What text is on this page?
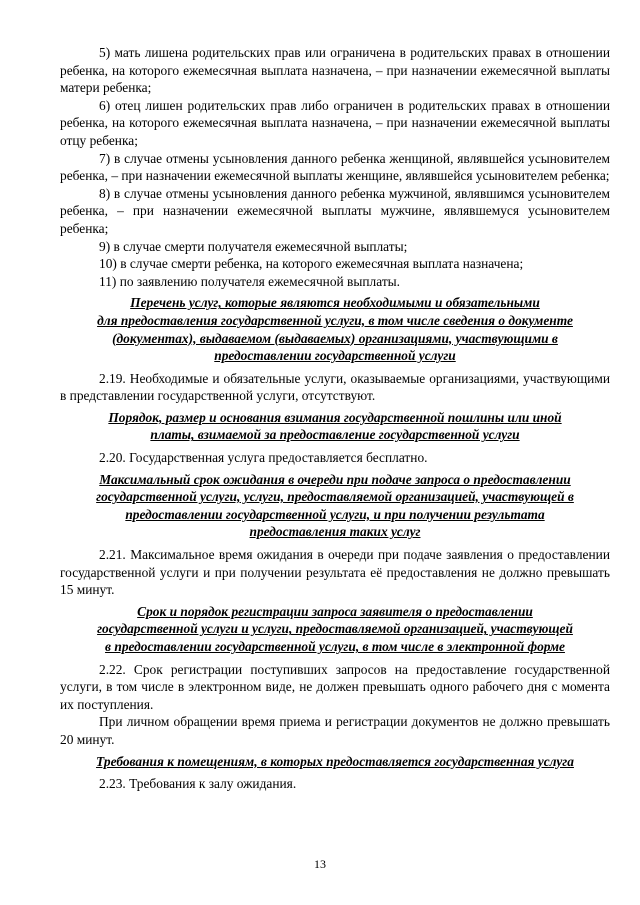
5) мать лишена родительских прав или ограничена в родительских правах в отношении ребенка, на которого ежемесячная выплата назначена, – при назначении ежемесячной выплаты матери ребенка;

6) отец лишен родительских прав либо ограничен в родительских правах в отношении ребенка, на которого ежемесячная выплата назначена, – при назначении ежемесячной выплаты отцу ребенка;

7) в случае отмены усыновления данного ребенка женщиной, являвшейся усыновителем ребенка, – при назначении ежемесячной выплаты женщине, являвшейся усыновителем ребенка;

8) в случае отмены усыновления данного ребенка мужчиной, являвшимся усыновителем ребенка, – при назначении ежемесячной выплаты мужчине, являвшемуся усыновителем ребенка;

9) в случае смерти получателя ежемесячной выплаты;

10) в случае смерти ребенка, на которого ежемесячная выплата назначена;

11) по заявлению получателя ежемесячной выплаты.

Перечень услуг, которые являются необходимыми и обязательными
для предоставления государственной услуги, в том числе сведения о документе
(документах), выдаваемом (выдаваемых) организациями, участвующими в
предоставлении государственной услуги

2.19. Необходимые и обязательные услуги, оказываемые организациями, участвующими в представлении государственной услуги, отсутствуют.

Порядок, размер и основания взимания государственной пошлины или иной
платы, взимаемой за предоставление государственной услуги

2.20. Государственная услуга предоставляется бесплатно.

Максимальный срок ожидания в очереди при подаче запроса о предоставлении
государственной услуги, услуги, предоставляемой организацией, участвующей в
предоставлении государственной услуги, и при получении результата
предоставления таких услуг

2.21. Максимальное время ожидания в очереди при подаче заявления о предоставлении государственной услуги и при получении результата её предоставления не должно превышать 15 минут.

Срок и порядок регистрации запроса заявителя о предоставлении
государственной услуги и услуги, предоставляемой организацией, участвующей
в предоставлении государственной услуги, в том числе в электронной форме

2.22. Срок регистрации поступивших запросов на предоставление государственной услуги, в том числе в электронном виде, не должен превышать одного рабочего дня с момента их поступления.

При личном обращении время приема и регистрации документов не должно превышать 20 минут.

Требования к помещениям, в которых предоставляется государственная услуга

2.23. Требования к залу ожидания.

13
